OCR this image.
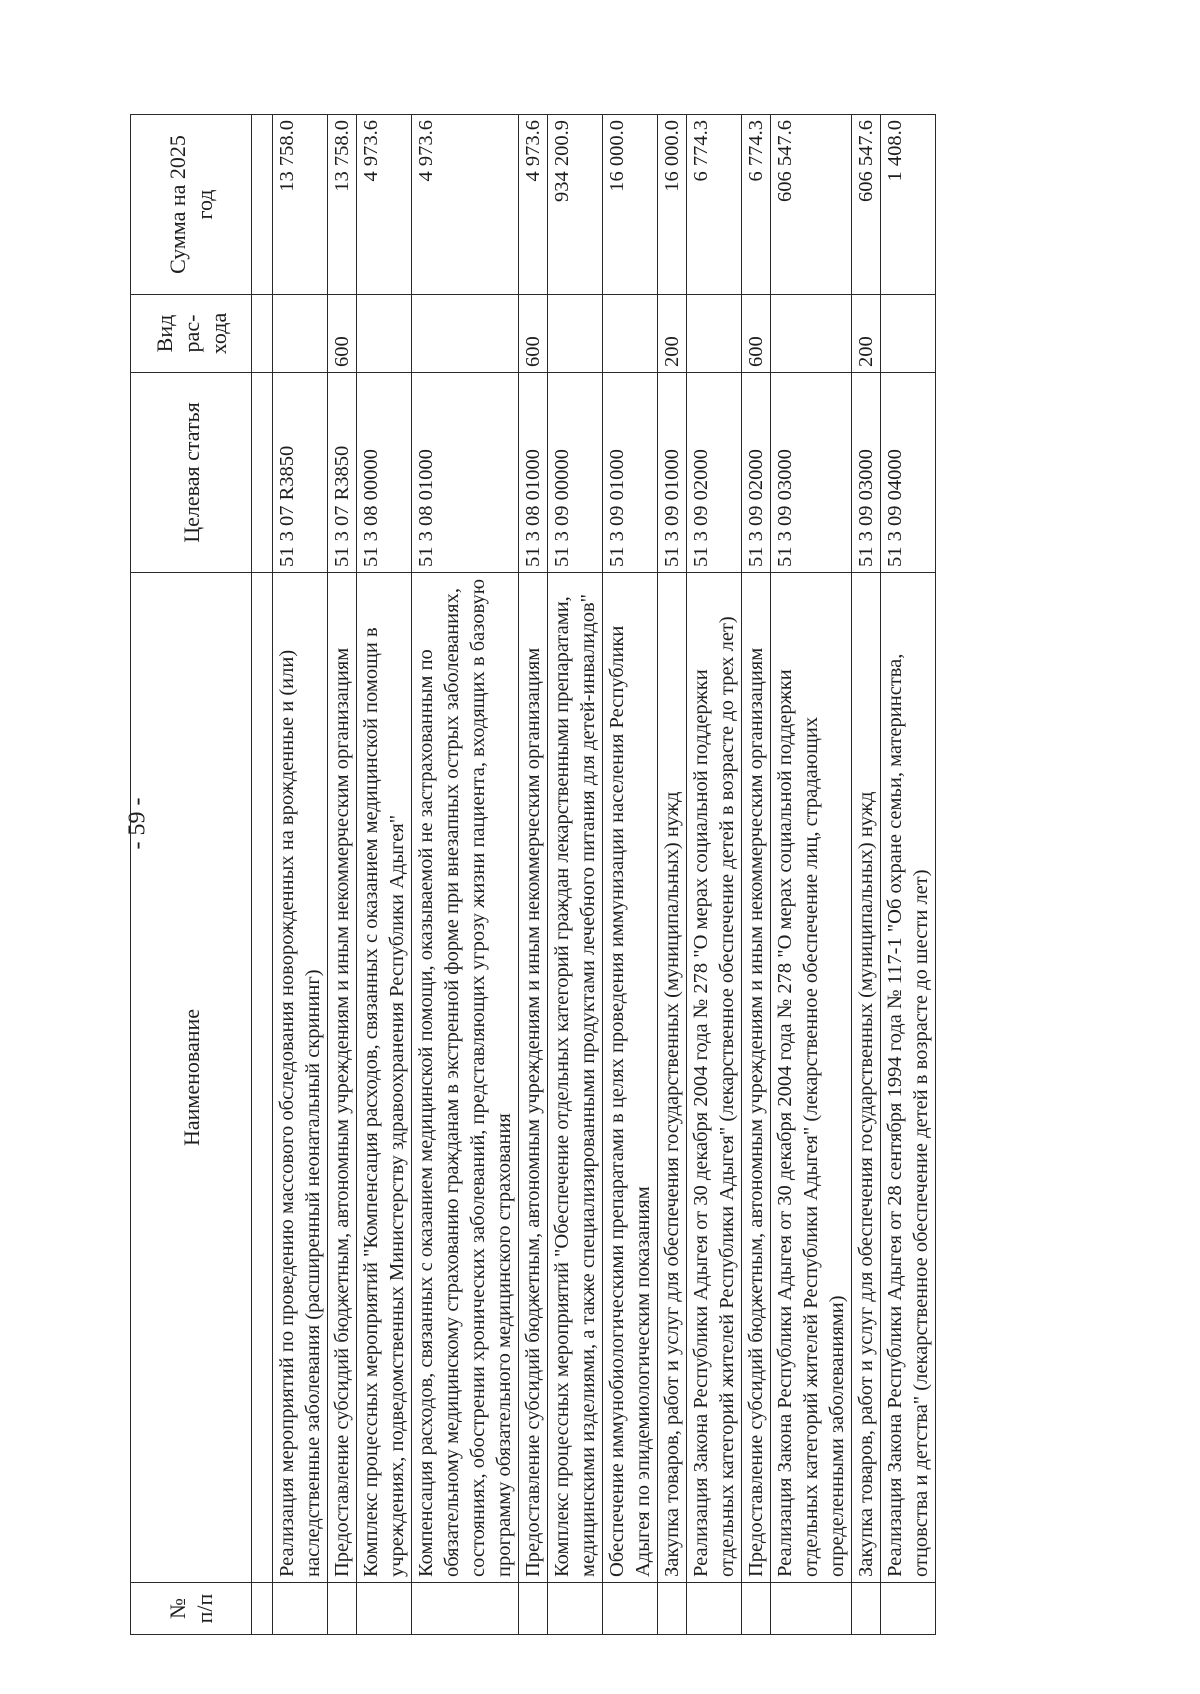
- 59 -
№ п/п	Наименование	Целевая статья	Вид рас- хода	Сумма на 2025 год

	Реализация мероприятий по проведению массового обследования новорожденных на врожденные и (или) наследственные заболевания (расширенный неонатальный скрининг)	51 3 07 R3850		13 758.0
	Предоставление субсидий бюджетным, автономным учреждениям и иным некоммерческим организациям	51 3 07 R3850	600	13 758.0
	Комплекс процессных мероприятий "Компенсация расходов, связанных с оказанием медицинской помощи в учреждениях, подведомственных Министерству здравоохранения Республики Адыгея"	51 3 08 00000		4 973.6
	Компенсация расходов, связанных с оказанием медицинской помощи, оказываемой не застрахованным по обязательному медицинскому страхованию гражданам в экстренной форме при внезапных острых заболеваниях, состояниях, обострении хронических заболеваний, представляющих угрозу жизни пациента, входящих в базовую программу обязательного медицинского страхования	51 3 08 01000		4 973.6
	Предоставление субсидий бюджетным, автономным учреждениям и иным некоммерческим организациям	51 3 08 01000	600	4 973.6
	Комплекс процессных мероприятий "Обеспечение отдельных категорий граждан лекарственными препаратами, медицинскими изделиями, а также специализированными продуктами лечебного питания для детей-инвалидов"	51 3 09 00000		934 200.9
	Обеспечение иммунобиологическими препаратами в целях проведения иммунизации населения Республики Адыгея по эпидемиологическим показаниям	51 3 09 01000		16 000.0
	Закупка товаров, работ и услуг для обеспечения государственных (муниципальных) нужд	51 3 09 01000	200	16 000.0
	Реализация Закона Республики Адыгея от 30 декабря 2004 года № 278 "О мерах социальной поддержки отдельных категорий жителей Республики Адыгея" (лекарственное обеспечение детей в возрасте до трех лет)	51 3 09 02000		6 774.3
	Предоставление субсидий бюджетным, автономным учреждениям и иным некоммерческим организациям	51 3 09 02000	600	6 774.3
	Реализация Закона Республики Адыгея от 30 декабря 2004 года № 278 "О мерах социальной поддержки отдельных категорий жителей Республики Адыгея" (лекарственное обеспечение лиц, страдающих определенными заболеваниями)	51 3 09 03000		606 547.6
	Закупка товаров, работ и услуг для обеспечения государственных (муниципальных) нужд	51 3 09 03000	200	606 547.6
	Реализация Закона Республики Адыгея от 28 сентября 1994 года № 117-1 "Об охране семьи, материнства, отцовства и детства" (лекарственное обеспечение детей в возрасте до шести лет)	51 3 09 04000		1 408.0
